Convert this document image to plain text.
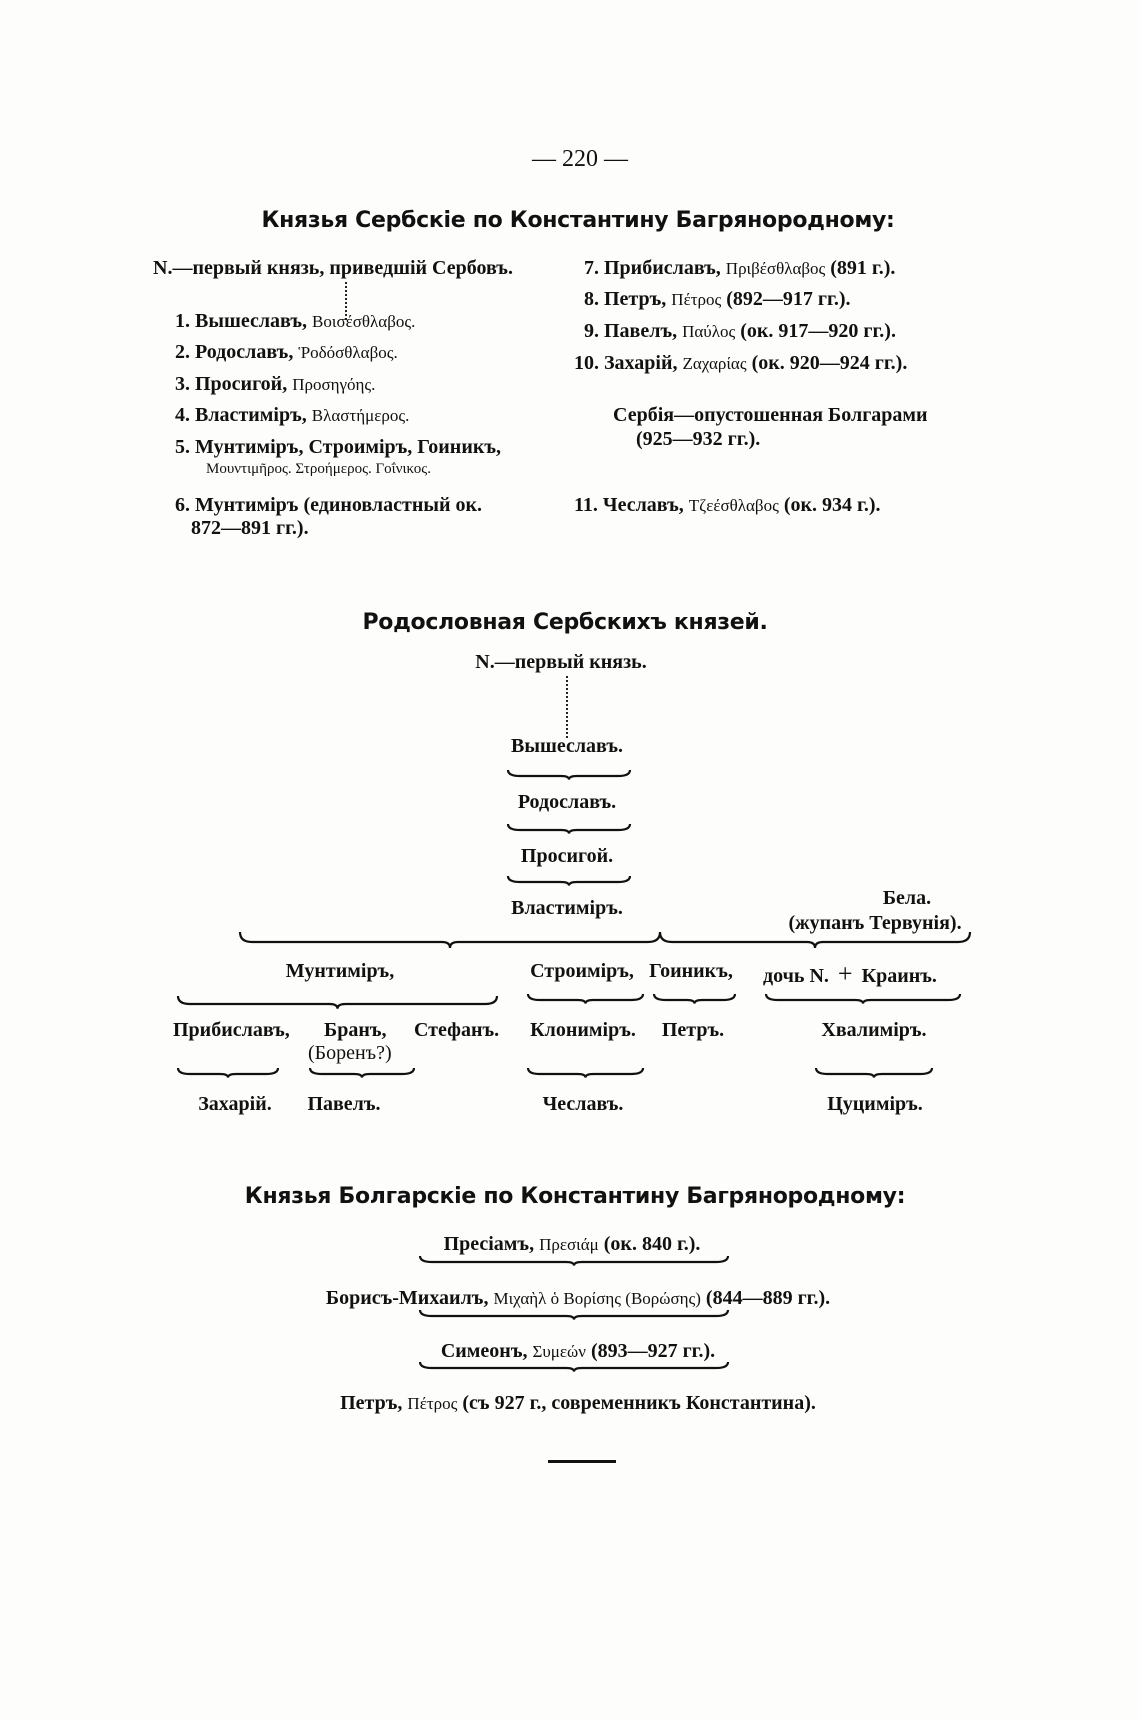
— 220 —
Князья Сербскіе по Константину Багрянородному:
N.—первый князь, приведшій Сербовъ.
1. Вышеславъ, Βοισέσθλαβος.
2. Родославъ, Ῥοδόσθλαβος.
3. Просигой, Προσηγόης.
4. Властиміръ, Βλαστήμερος.
5. Мунтиміръ, Строиміръ, Гоиникъ,
Μουντιμῆρος. Στροήμερος. Γοΐνικος.
6. Мунтиміръ (единовластный ок.
872—891 гг.).
7. Прибиславъ, Πριβέσθλαβος (891 г.).
8. Петръ, Πέτρος (892—917 гг.).
9. Павелъ, Παύλος (ок. 917—920 гг.).
10. Захарій, Ζαχαρίας (ок. 920—924 гг.).
Сербія—опустошенная Болгарами
(925—932 гг.).
11. Чеславъ, Τζεέσθλαβος (ок. 934 г.).
Родословная Сербскихъ князей.
N.—первый князь.
Вышеславъ.
Родославъ.
Просигой.
Властиміръ.	Бела.
(жупанъ Тервунія).
Мунтиміръ,	Строиміръ, Гоиникъ, дочь N. + Краинъ.
Прибиславъ, Бранъ,
(Боренъ?)
Стефанъ. Клониміръ. Петръ.	Хвалиміръ.
Захарій. Павелъ.	Чеславъ.	Цуциміръ.
Князья Болгарскіе по Константину Багрянородному:
Пресіамъ, Πρεσιάμ (ок. 840 г.).
Борисъ-Михаилъ, Μιχαὴλ ὁ Βορίσης (Βορώσης) (844—889 гг.).
Симеонъ, Συμεών (893—927 гг.).
Петръ, Πέτρος (съ 927 г., современникъ Константина).
